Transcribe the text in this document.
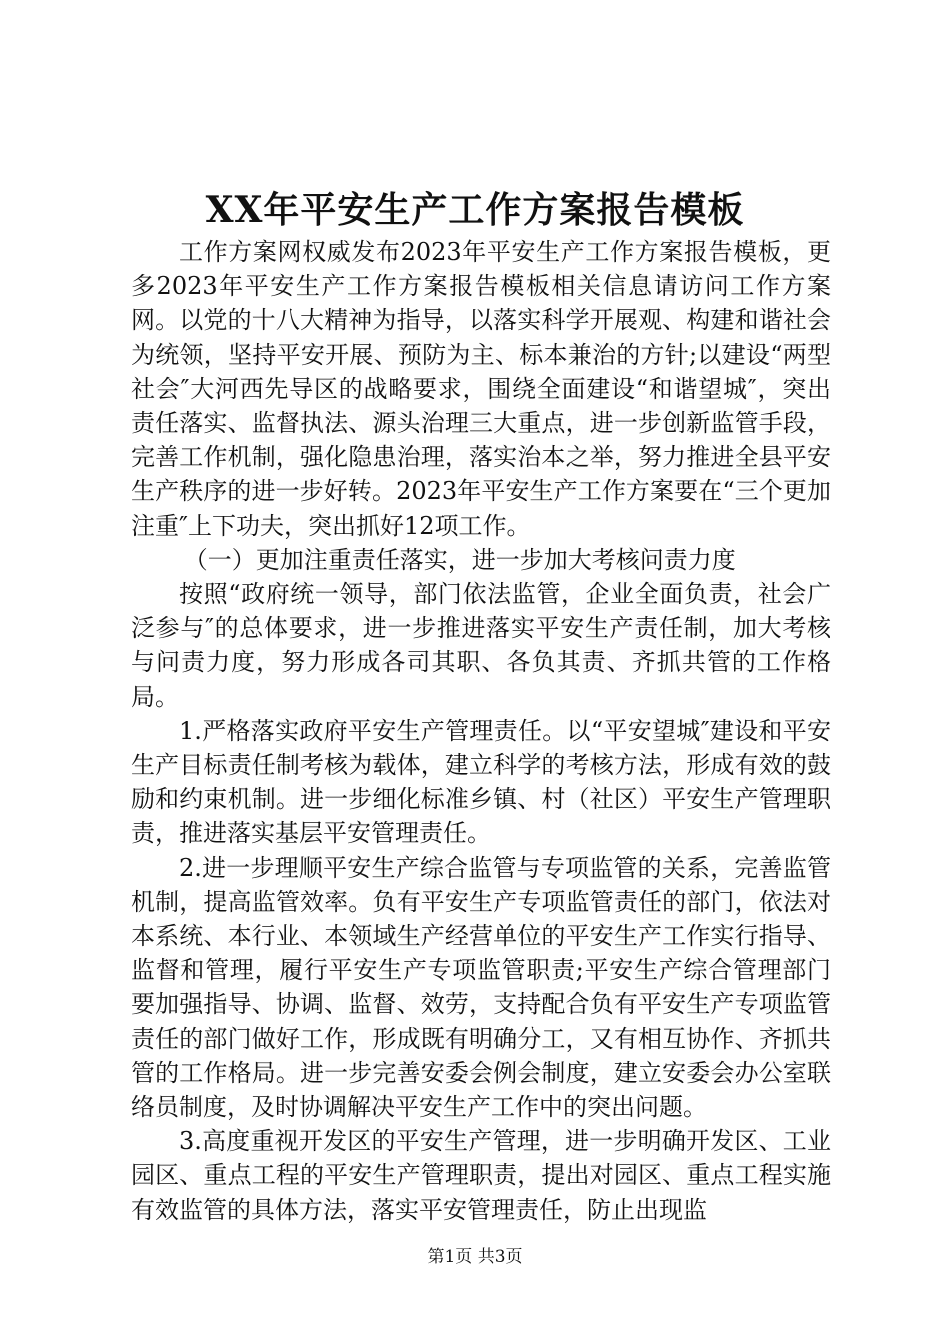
XX年平安生产工作方案报告模板

工作方案网权威发布2023年平安生产工作方案报告模板，更多2023年平安生产工作方案报告模板相关信息请访问工作方案网。以党的十八大精神为指导，以落实科学开展观、构建和谐社会为统领，坚持平安开展、预防为主、标本兼治的方针;以建设“两型社会″大河西先导区的战略要求，围绕全面建设“和谐望城″，突出责任落实、监督执法、源头治理三大重点，进一步创新监管手段，完善工作机制，强化隐患治理，落实治本之举，努力推进全县平安生产秩序的进一步好转。2023年平安生产工作方案要在“三个更加注重″上下功夫，突出抓好12项工作。

（一）更加注重责任落实，进一步加大考核问责力度

按照“政府统一领导，部门依法监管，企业全面负责，社会广泛参与″的总体要求，进一步推进落实平安生产责任制，加大考核与问责力度，努力形成各司其职、各负其责、齐抓共管的工作格局。

1.严格落实政府平安生产管理责任。以“平安望城″建设和平安生产目标责任制考核为载体，建立科学的考核方法，形成有效的鼓励和约束机制。进一步细化标准乡镇、村（社区）平安生产管理职责，推进落实基层平安管理责任。

2.进一步理顺平安生产综合监管与专项监管的关系，完善监管机制，提高监管效率。负有平安生产专项监管责任的部门，依法对本系统、本行业、本领域生产经营单位的平安生产工作实行指导、监督和管理，履行平安生产专项监管职责;平安生产综合管理部门要加强指导、协调、监督、效劳，支持配合负有平安生产专项监管责任的部门做好工作，形成既有明确分工，又有相互协作、齐抓共管的工作格局。进一步完善安委会例会制度，建立安委会办公室联络员制度，及时协调解决平安生产工作中的突出问题。

3.高度重视开发区的平安生产管理，进一步明确开发区、工业园区、重点工程的平安生产管理职责，提出对园区、重点工程实施有效监管的具体方法，落实平安管理责任，防止出现监

第1页 共3页
